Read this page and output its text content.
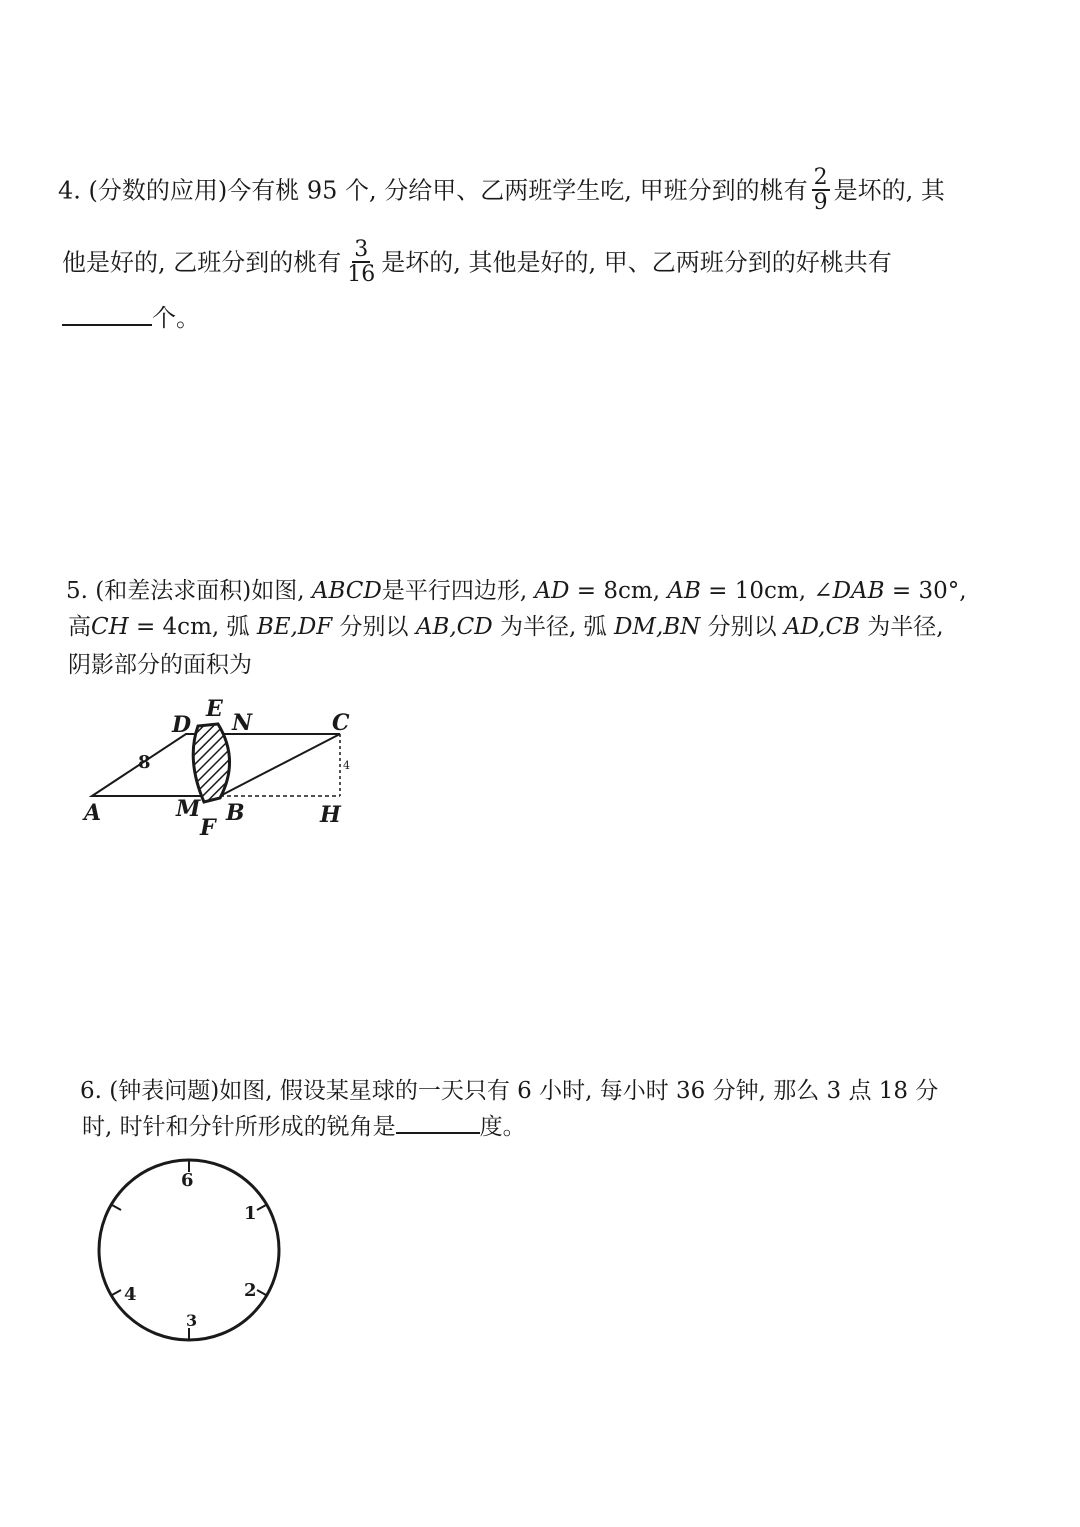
4. (分数的应用)今有桃 95 个, 分给甲、乙两班学生吃, 甲班分到的桃有 $\frac{2}{9}$ 是坏的, 其
他是好的, 乙班分到的桃有 $\frac{3}{16}$ 是坏的, 其他是好的, 甲、乙两班分到的好桃共有
个。
5. (和差法求面积)如图, ABCD是平行四边形, AD = 8cm, AB = 10cm, ∠DAB = 30°,
高CH = 4cm, 弧 BE,DF 分别以 AB,CD 为半径, 弧 DM,BN 分别以 AD,CB 为半径,
阴影部分的面积为
A
D
E
N	C
M
F
B	H
8	4
6. (钟表问题)如图, 假设某星球的一天只有 6 小时, 每小时 36 分钟, 那么 3 点 18 分
时, 时针和分针所形成的锐角是	度。
6
1
2
3
4
